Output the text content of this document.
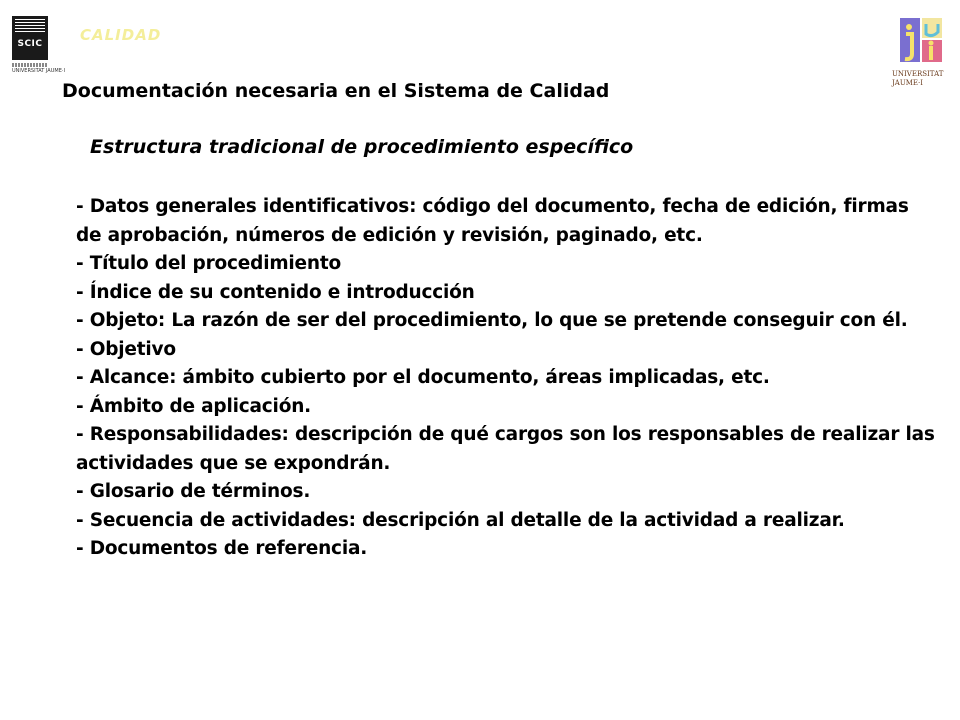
SCIC
UNIVERSITAT JAUME·I
CALIDAD
UNIVERSITAT
JAUME·I
Documentación necesaria en el Sistema de Calidad
Estructura tradicional de procedimiento específico

- Datos generales identificativos: código del documento, fecha de edición, firmas de aprobación, números de edición y revisión, paginado, etc.

- Título del procedimiento

- Índice de su contenido e introducción

- Objeto: La razón de ser del procedimiento, lo que se pretende conseguir con él.

- Objetivo

- Alcance: ámbito cubierto por el documento, áreas implicadas, etc.

- Ámbito de aplicación.

- Responsabilidades: descripción de qué cargos son los responsables de realizar las actividades que se expondrán.

- Glosario de términos.

- Secuencia de actividades: descripción al detalle de la actividad a realizar.

- Documentos de referencia.
